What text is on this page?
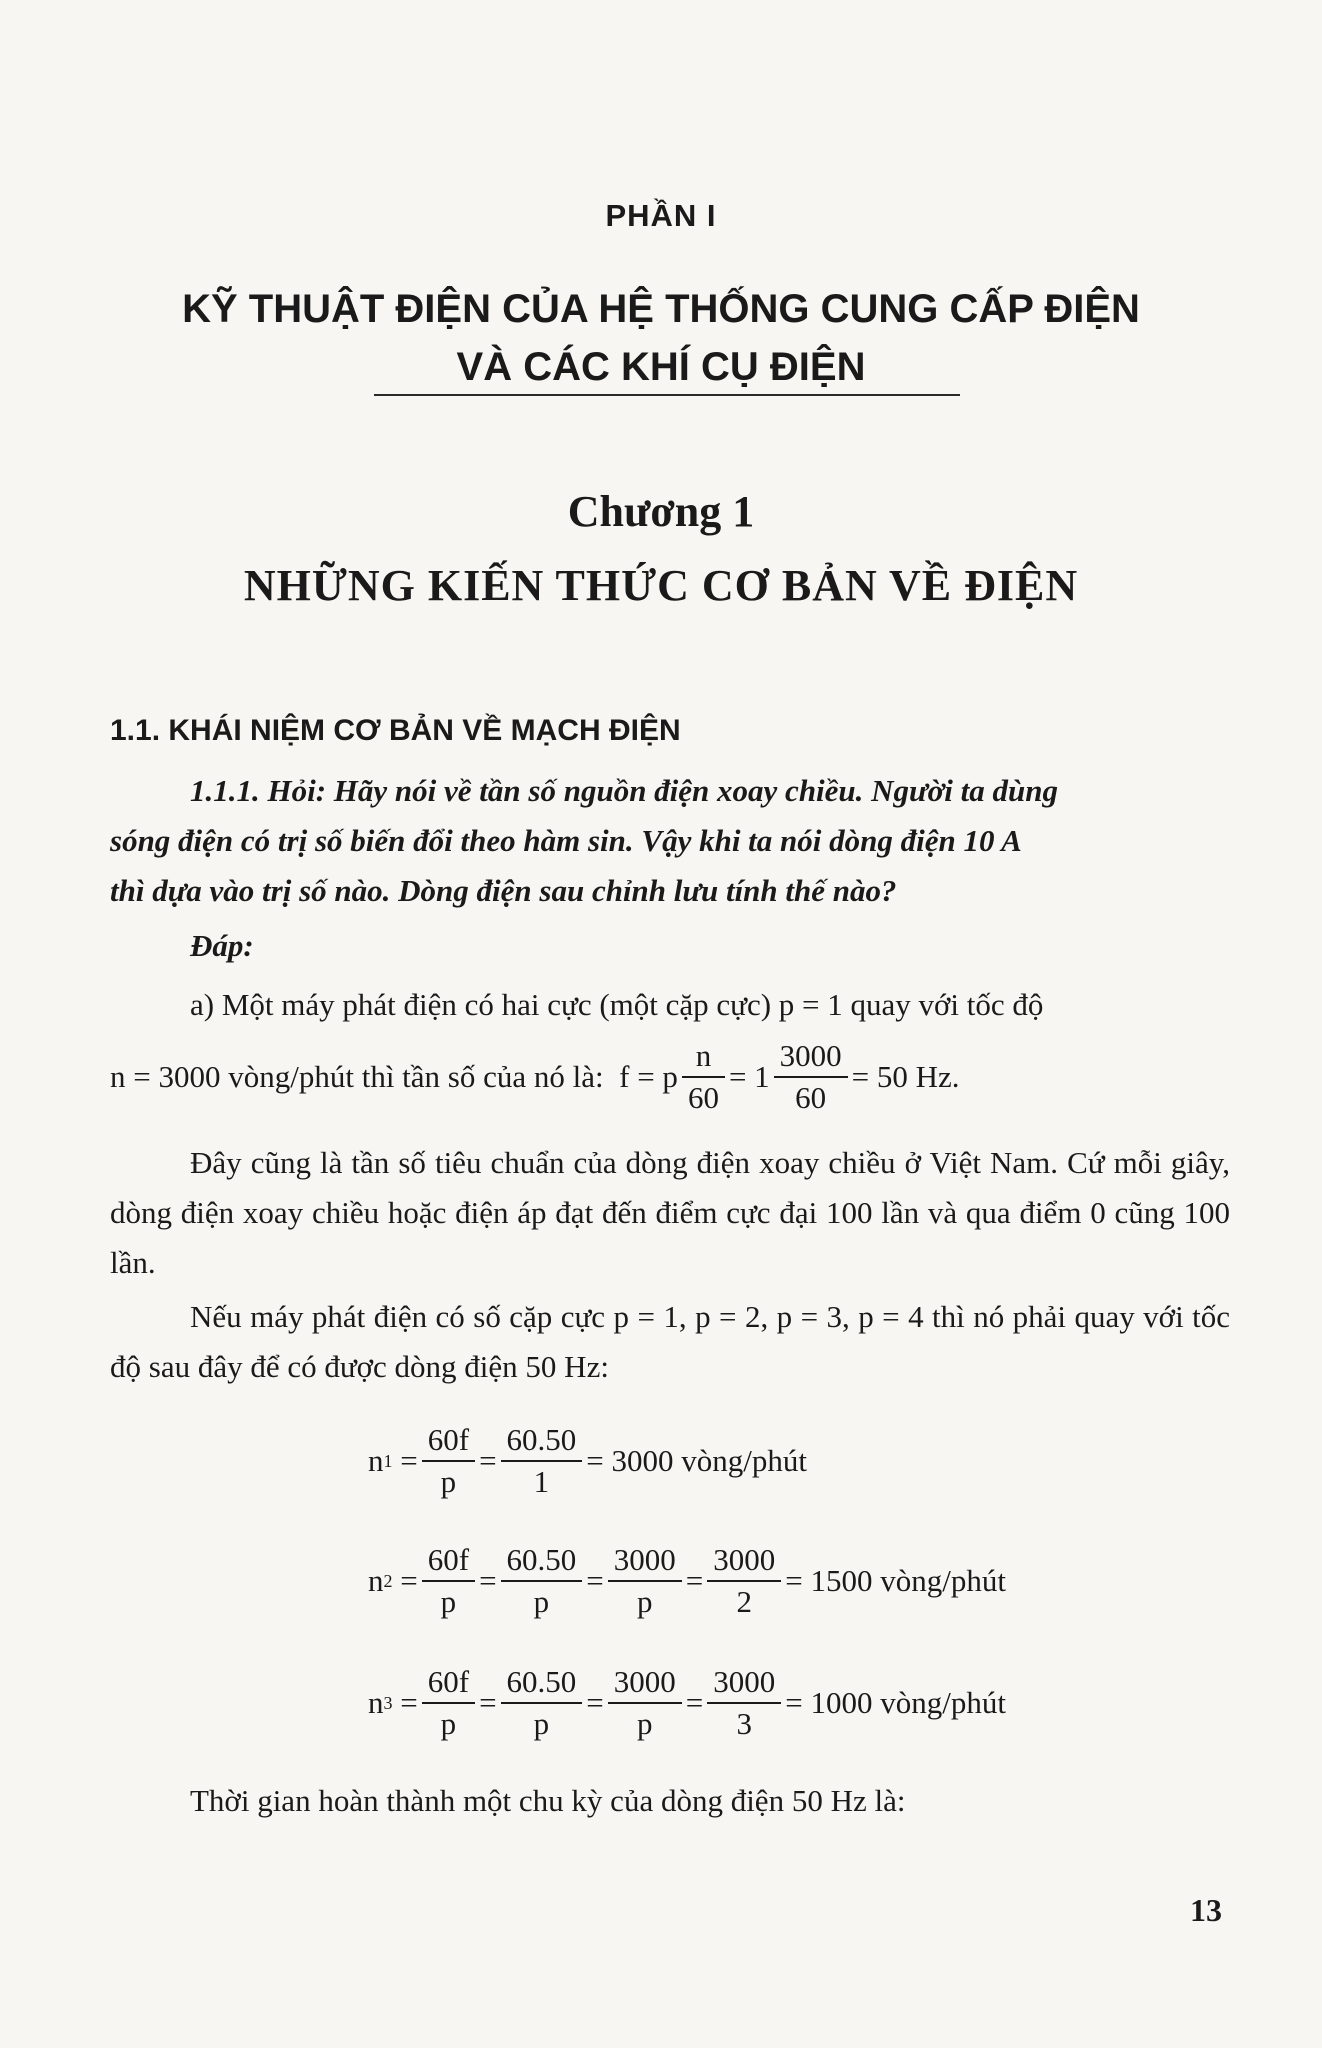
PHẦN I
KỸ THUẬT ĐIỆN CỦA HỆ THỐNG CUNG CẤP ĐIỆN
VÀ CÁC KHÍ CỤ ĐIỆN
Chương 1
NHỮNG KIẾN THỨC CƠ BẢN VỀ ĐIỆN
1.1. KHÁI NIỆM CƠ BẢN VỀ MẠCH ĐIỆN
1.1.1. Hỏi: Hãy nói về tần số nguồn điện xoay chiều. Người ta dùng
sóng điện có trị số biến đổi theo hàm sin. Vậy khi ta nói dòng điện 10 A
thì dựa vào trị số nào. Dòng điện sau chỉnh lưu tính thế nào?
Đáp:
a) Một máy phát điện có hai cực (một cặp cực) p = 1 quay với tốc độ
n = 3000 vòng/phút thì tần số của nó là:  f = p $\frac{n}{60} = 1 \frac{3000}{60} = 50$ Hz.
Đây cũng là tần số tiêu chuẩn của dòng điện xoay chiều ở Việt Nam. Cứ mỗi giây, dòng điện xoay chiều hoặc điện áp đạt đến điểm cực đại 100 lần và qua điểm 0 cũng 100 lần.
Nếu máy phát điện có số cặp cực p = 1, p = 2, p = 3, p = 4 thì nó phải quay với tốc độ sau đây để có được dòng điện 50 Hz:
n $1 = \frac{60f}{p} = \frac{60.50}{1} = 3000$ vòng/phút
n $2 = \frac{60f}{p} = \frac{60.50}{p} = \frac{3000}{p} = \frac{3000}{2} = 1500$ vòng/phút
n $3 = \frac{60f}{p} = \frac{60.50}{p} = \frac{3000}{p} = \frac{3000}{3} = 1000$ vòng/phút
Thời gian hoàn thành một chu kỳ của dòng điện 50 Hz là:
13
